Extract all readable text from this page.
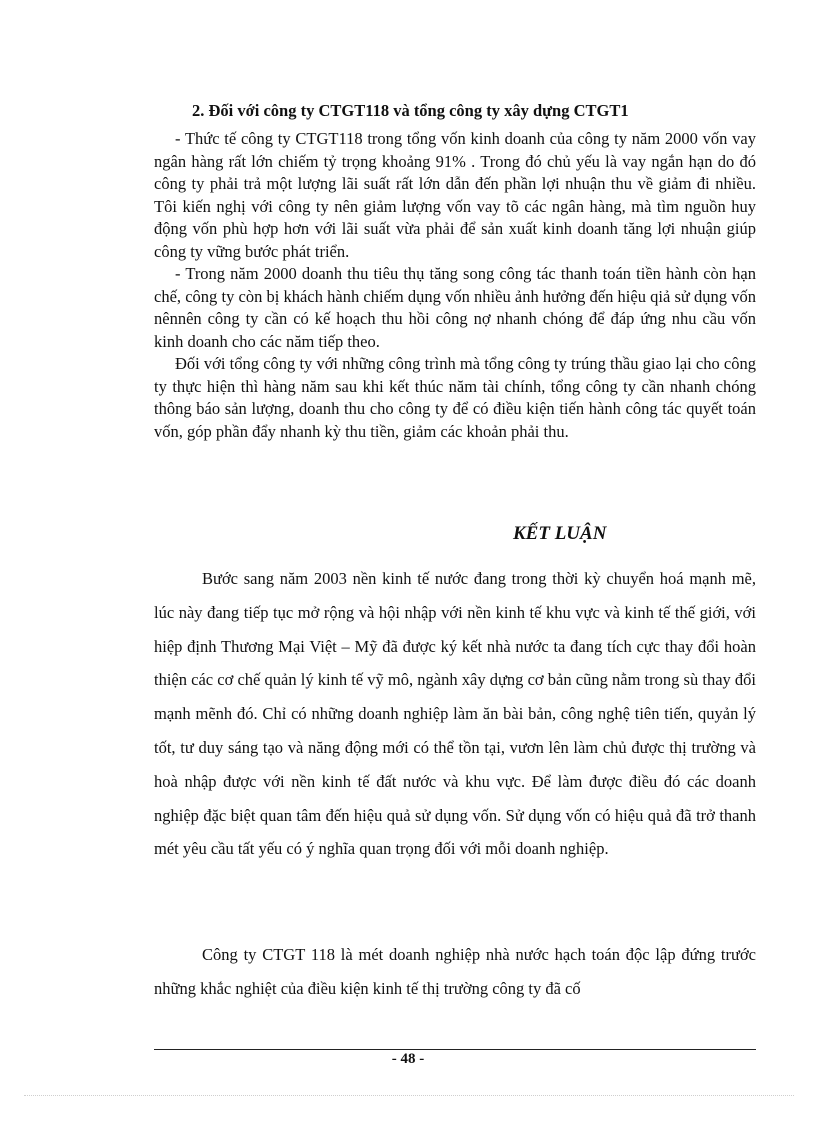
2. Đối với công ty CTGT118 và tổng công ty xây dựng CTGT1

- Thức tế công ty CTGT118 trong tổng vốn kinh doanh của công ty năm 2000 vốn vay ngân hàng rất lớn chiếm tỷ trọng khoảng 91% . Trong đó chủ yếu là vay ngắn hạn do đó công ty phải trả một lượng lãi suất rất lớn dẫn đến phần lợi nhuận thu về giảm đi nhiều. Tôi kiến nghị với công ty nên giảm lượng vốn vay tõ các ngân hàng, mà tìm nguồn huy động vốn phù hợp hơn với lãi suất vừa phải để sản xuất kinh doanh tăng lợi nhuận giúp công ty vững bước phát triển.

- Trong năm 2000 doanh thu tiêu thụ tăng song công tác thanh toán tiền hành còn hạn chế, công ty còn bị khách hành chiếm dụng vốn nhiều ảnh hưởng đến hiệu qiả sử dụng vốn nênnên công ty cần có kế hoạch thu hồi công nợ nhanh chóng để đáp ứng nhu cầu vốn kinh doanh cho các năm tiếp theo.

Đối với tổng công ty với những công trình mà tổng công ty trúng thầu giao lại cho công ty thực hiện thì hàng năm sau khi kết thúc năm tài chính, tổng công ty cần nhanh chóng thông báo sản lượng, doanh thu cho công ty để có điều kiện tiến hành công tác quyết toán vốn, góp phần đẩy nhanh kỳ thu tiền, giảm các khoản phải thu.

KẾT LUẬN

Bước sang năm 2003 nền kinh tế nước đang trong thời kỳ chuyển hoá mạnh mẽ, lúc này đang tiếp tục mở rộng và hội nhập với nền kinh tế khu vực và kinh tế thế giới, với hiệp định Thương Mại Việt – Mỹ đã được ký kết nhà nước ta đang tích cực thay đổi hoàn thiện các cơ chế quản lý kinh tế vỹ mô, ngành xây dựng cơ bản cũng nằm trong sù thay đổi mạnh mẽnh đó. Chỉ có những doanh nghiệp làm ăn bài bản, công nghệ tiên tiến, quyản lý tốt, tư duy sáng tạo và năng động mới có thể tồn tại, vươn lên làm chủ được thị trường và hoà nhập được với nền kinh tế đất nước và khu vực. Để làm được điều đó các doanh nghiệp đặc biệt quan tâm đến hiệu quả sử dụng vốn. Sử dụng vốn có hiệu quả đã trở thanh mét yêu cầu tất yếu có ý nghĩa quan trọng đối với mỗi doanh nghiệp.

Công ty CTGT 118 là mét doanh nghiệp nhà nước hạch toán độc lập đứng trước những khắc nghiệt của điều kiện kinh tế thị trường công ty đã cố

- 48 -
